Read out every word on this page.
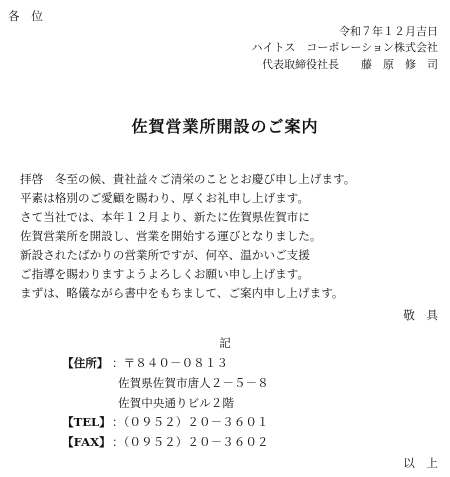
各　位
令和７年１２月吉日
ハイトス　コーポレーション株式会社
代表取締役社長　　藤　原　修　司
佐賀営業所開設のご案内
拝啓　冬至の候、貴社益々ご清栄のこととお慶び申し上げます。
平素は格別のご愛顧を賜わり、厚くお礼申し上げます。
さて当社では、本年１２月より、新たに佐賀県佐賀市に
佐賀営業所を開設し、営業を開始する運びとなりました。
新設されたばかりの営業所ですが、何卒、温かいご支援
ご指導を賜わりますようよろしくお願い申し上げます。
まずは、略儀ながら書中をもちまして、ご案内申し上げます。
敬　具
記
【住所】 ：〒８４０－０８１３
佐賀県佐賀市唐人２－５－８
佐賀中央通りビル２階
【TEL】 ：（０９５２）２０－３６０１
【FAX】 ：（０９５２）２０－３６０２
以　上
